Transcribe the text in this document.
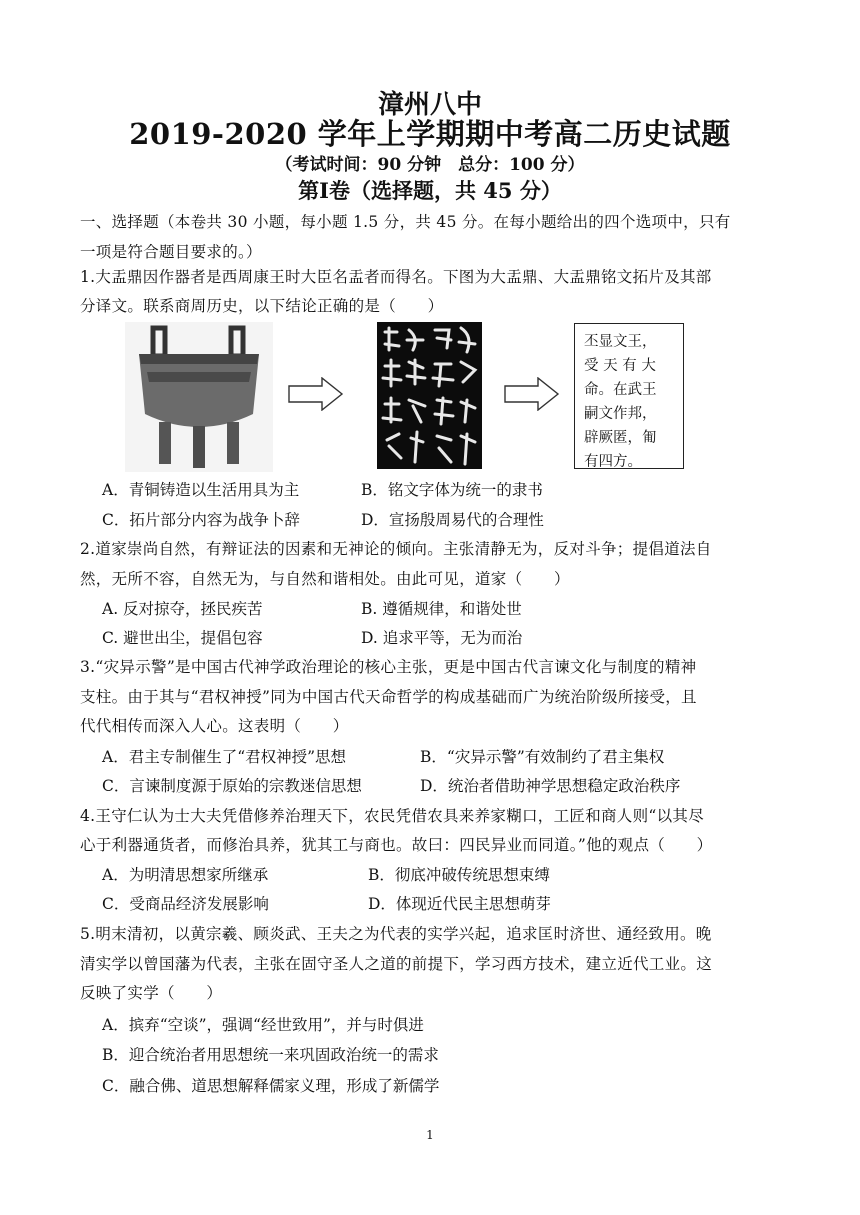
漳州八中
2019-2020 学年上学期期中考高二历史试题
（考试时间：90 分钟　总分：100 分）
第Ⅰ卷（选择题，共 45 分）
一、选择题（本卷共 30 小题，每小题 1.5 分，共 45 分。在每小题给出的四个选项中，只有
一项是符合题目要求的。）
1.大盂鼎因作器者是西周康王时大臣名盂者而得名。下图为大盂鼎、大盂鼎铭文拓片及其部
分译文。联系商周历史，以下结论正确的是（　　）
丕显文王，
受 天 有 大
命。在武王
嗣文作邦，
辟厥匿，匍
有四方。
A．青铜铸造以生活用具为主	B．铭文字体为统一的隶书
C．拓片部分内容为战争卜辞	D．宣扬殷周易代的合理性
2.道家崇尚自然，有辩证法的因素和无神论的倾向。主张清静无为，反对斗争；提倡道法自
然，无所不容，自然无为，与自然和谐相处。由此可见，道家（　　）
A. 反对掠夺，拯民疾苦	B. 遵循规律，和谐处世
C. 避世出尘，提倡包容	D. 追求平等，无为而治
3.“灾异示警”是中国古代神学政治理论的核心主张，更是中国古代言谏文化与制度的精神
支柱。由于其与“君权神授”同为中国古代天命哲学的构成基础而广为统治阶级所接受，且
代代相传而深入人心。这表明（　　）
A．君主专制催生了“君权神授”思想	B．“灾异示警”有效制约了君主集权
C．言谏制度源于原始的宗教迷信思想	D．统治者借助神学思想稳定政治秩序
4.王守仁认为士大夫凭借修养治理天下，农民凭借农具来养家糊口，工匠和商人则“以其尽
心于利器通货者，而修治具养，犹其工与商也。故曰：四民异业而同道。”他的观点（　　）
A．为明清思想家所继承	B．彻底冲破传统思想束缚
C．受商品经济发展影响	D．体现近代民主思想萌芽
5.明末清初，以黄宗羲、顾炎武、王夫之为代表的实学兴起，追求匡时济世、通经致用。晚
清实学以曾国藩为代表，主张在固守圣人之道的前提下，学习西方技术，建立近代工业。这
反映了实学（　　）
A．摈弃“空谈”，强调“经世致用”，并与时俱进
B．迎合统治者用思想统一来巩固政治统一的需求
C．融合佛、道思想解释儒家义理，形成了新儒学
1
